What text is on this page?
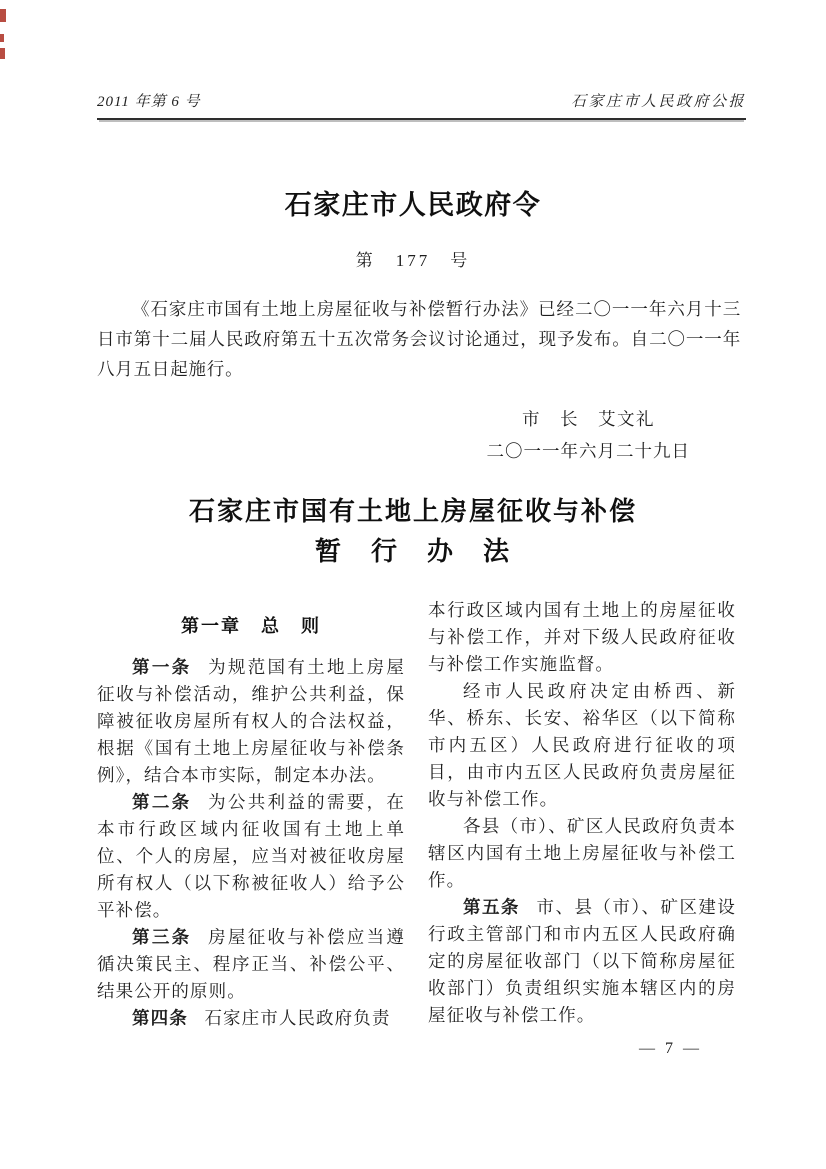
2011 年第 6 号	石家庄市人民政府公报
石家庄市人民政府令
第　177　号
《石家庄市国有土地上房屋征收与补偿暂行办法》已经二〇一一年六月十三日市第十二届人民政府第五十五次常务会议讨论通过，现予发布。自二〇一一年八月五日起施行。
市　长　艾文礼
二〇一一年六月二十九日
石家庄市国有土地上房屋征收与补偿
暂　行　办　法
第一章　总　则

第一条 为规范国有土地上房屋征收与补偿活动，维护公共利益，保障被征收房屋所有权人的合法权益，根据《国有土地上房屋征收与补偿条例》，结合本市实际，制定本办法。

第二条 为公共利益的需要，在本市行政区域内征收国有土地上单位、个人的房屋，应当对被征收房屋所有权人（以下称被征收人）给予公平补偿。

第三条 房屋征收与补偿应当遵循决策民主、程序正当、补偿公平、结果公开的原则。

第四条 石家庄市人民政府负责

本行政区域内国有土地上的房屋征收与补偿工作，并对下级人民政府征收与补偿工作实施监督。

经市人民政府决定由桥西、新华、桥东、长安、裕华区（以下简称市内五区）人民政府进行征收的项目，由市内五区人民政府负责房屋征收与补偿工作。

各县（市）、矿区人民政府负责本辖区内国有土地上房屋征收与补偿工作。

第五条 市、县（市）、矿区建设行政主管部门和市内五区人民政府确定的房屋征收部门（以下简称房屋征收部门）负责组织实施本辖区内的房屋征收与补偿工作。

— 7 —
